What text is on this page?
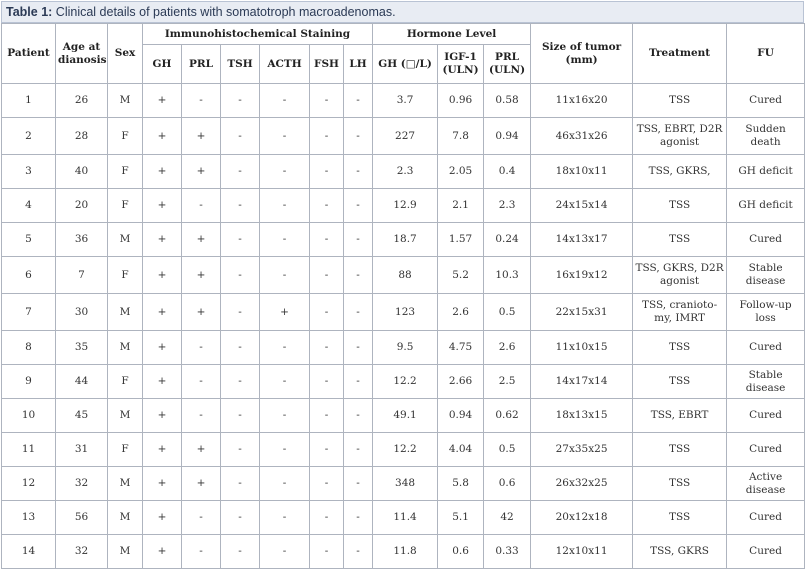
Table 1: Clinical details of patients with somatotroph macroadenomas.
Patient	Age at dianosis	Sex	Immunohistochemical Staining						Hormone Level			Size of tumor (mm)	Treatment	FU
			GH	PRL	TSH	ACTH	FSH	LH	GH (□/L)	IGF-1 (ULN)	PRL (ULN)			
1	26	M	+	-	-	-	-	-	3.7	0.96	0.58	11x16x20	TSS	Cured
2	28	F	+	+	-	-	-	-	227	7.8	0.94	46x31x26	TSS, EBRT, D2R agonist	Sudden death
3	40	F	+	+	-	-	-	-	2.3	2.05	0.4	18x10x11	TSS, GKRS,	GH deficit
4	20	F	+	-	-	-	-	-	12.9	2.1	2.3	24x15x14	TSS	GH deficit
5	36	M	+	+	-	-	-	-	18.7	1.57	0.24	14x13x17	TSS	Cured
6	7	F	+	+	-	-	-	-	88	5.2	10.3	16x19x12	TSS, GKRS, D2R agonist	Stable disease
7	30	M	+	+	-	+	-	-	123	2.6	0.5	22x15x31	TSS, cranioto-my, IMRT	Follow-up loss
8	35	M	+	-	-	-	-	-	9.5	4.75	2.6	11x10x15	TSS	Cured
9	44	F	+	-	-	-	-	-	12.2	2.66	2.5	14x17x14	TSS	Stable disease
10	45	M	+	-	-	-	-	-	49.1	0.94	0.62	18x13x15	TSS, EBRT	Cured
11	31	F	+	+	-	-	-	-	12.2	4.04	0.5	27x35x25	TSS	Cured
12	32	M	+	+	-	-	-	-	348	5.8	0.6	26x32x25	TSS	Active disease
13	56	M	+	-	-	-	-	-	11.4	5.1	42	20x12x18	TSS	Cured
14	32	M	+	-	-	-	-	-	11.8	0.6	0.33	12x10x11	TSS, GKRS	Cured
